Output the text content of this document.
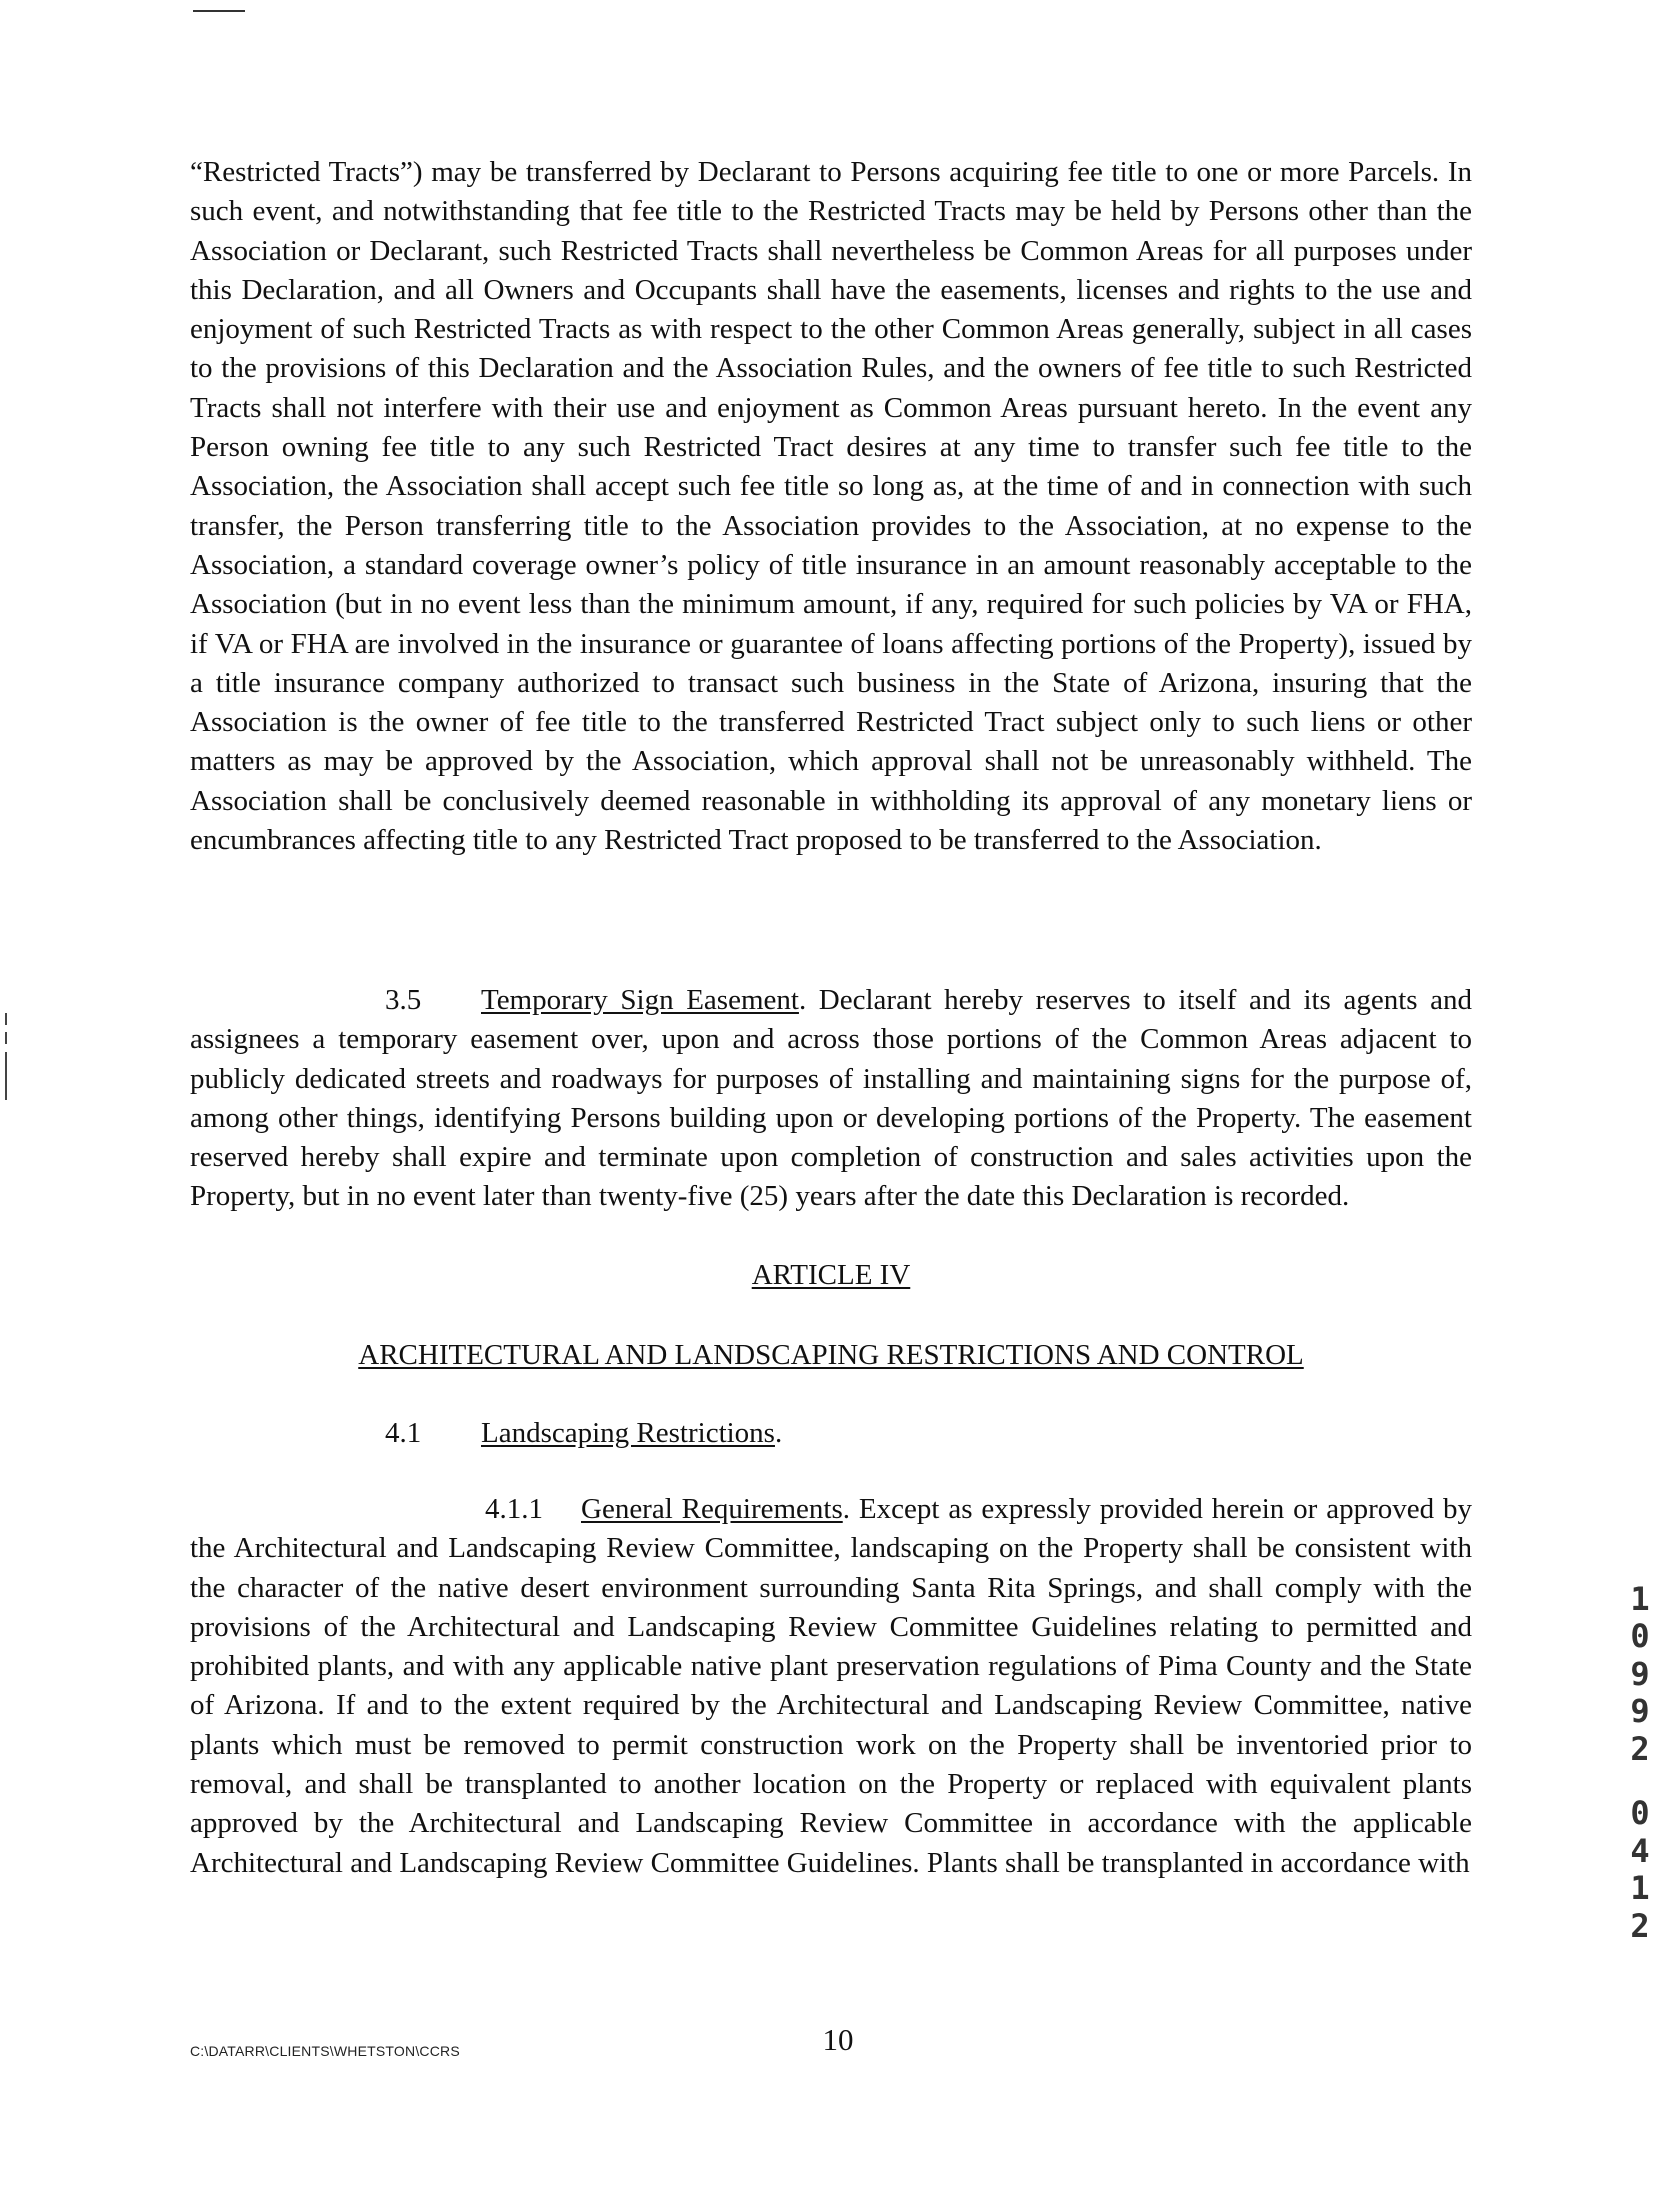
“Restricted Tracts”) may be transferred by Declarant to Persons acquiring fee title to one or more Parcels. In such event, and notwithstanding that fee title to the Restricted Tracts may be held by Persons other than the Association or Declarant, such Restricted Tracts shall nevertheless be Common Areas for all purposes under this Declaration, and all Owners and Occupants shall have the easements, licenses and rights to the use and enjoyment of such Restricted Tracts as with respect to the other Common Areas generally, subject in all cases to the provisions of this Declaration and the Association Rules, and the owners of fee title to such Restricted Tracts shall not interfere with their use and enjoyment as Common Areas pursuant hereto. In the event any Person owning fee title to any such Restricted Tract desires at any time to transfer such fee title to the Association, the Association shall accept such fee title so long as, at the time of and in connection with such transfer, the Person transferring title to the Association provides to the Association, at no expense to the Association, a standard coverage owner’s policy of title insurance in an amount reasonably acceptable to the Association (but in no event less than the minimum amount, if any, required for such policies by VA or FHA, if VA or FHA are involved in the insurance or guarantee of loans affecting portions of the Property), issued by a title insurance company authorized to transact such business in the State of Arizona, insuring that the Association is the owner of fee title to the transferred Restricted Tract subject only to such liens or other matters as may be approved by the Association, which approval shall not be unreasonably withheld. The Association shall be conclusively deemed reasonable in withholding its approval of any monetary liens or encumbrances affecting title to any Restricted Tract proposed to be transferred to the Association.

3.5 Temporary Sign Easement. Declarant hereby reserves to itself and its agents and assignees a temporary easement over, upon and across those portions of the Common Areas adjacent to publicly dedicated streets and roadways for purposes of installing and maintaining signs for the purpose of, among other things, identifying Persons building upon or developing portions of the Property. The easement reserved hereby shall expire and terminate upon completion of construction and sales activities upon the Property, but in no event later than twenty-five (25) years after the date this Declaration is recorded.

ARTICLE IV

ARCHITECTURAL AND LANDSCAPING RESTRICTIONS AND CONTROL

4.1 Landscaping Restrictions.

4.1.1 General Requirements. Except as expressly provided herein or approved by the Architectural and Landscaping Review Committee, landscaping on the Property shall be consistent with the character of the native desert environment surrounding Santa Rita Springs, and shall comply with the provisions of the Architectural and Landscaping Review Committee Guidelines relating to permitted and prohibited plants, and with any applicable native plant preservation regulations of Pima County and the State of Arizona. If and to the extent required by the Architectural and Landscaping Review Committee, native plants which must be removed to permit construction work on the Property shall be inventoried prior to removal, and shall be transplanted to another location on the Property or replaced with equivalent plants approved by the Architectural and Landscaping Review Committee in accordance with the applicable Architectural and Landscaping Review Committee Guidelines. Plants shall be transplanted in accordance with

1
0
9
9
2
0
4
1
2
C:\DATARR\CLIENTS\WHETSTON\CCRS	10
